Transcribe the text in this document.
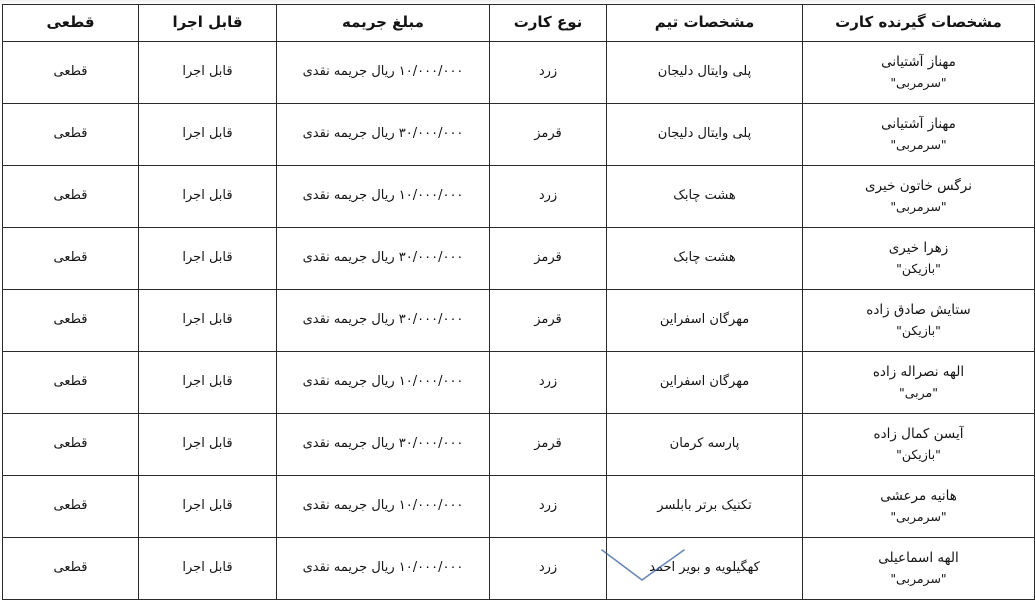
مشخصات گیرنده کارت	مشخصات تیم	نوع کارت	مبلغ جریمه	قابل اجرا	قطعی

مهناز آشتیانی
"سرمربی"	پلی وایتال دلیجان	زرد	۱۰/۰۰۰/۰۰۰ ریال جریمه نقدی	قابل اجرا	قطعی

مهناز آشتیانی
"سرمربی"	پلی وایتال دلیجان	قرمز	۳۰/۰۰۰/۰۰۰ ریال جریمه نقدی	قابل اجرا	قطعی

نرگس خاتون خیری
"سرمربی"	هشت چابک	زرد	۱۰/۰۰۰/۰۰۰ ریال جریمه نقدی	قابل اجرا	قطعی

زهرا خیری
"بازیکن"	هشت چابک	قرمز	۳۰/۰۰۰/۰۰۰ ریال جریمه نقدی	قابل اجرا	قطعی

ستایش صادق زاده
"بازیکن"	مهرگان اسفراین	قرمز	۳۰/۰۰۰/۰۰۰ ریال جریمه نقدی	قابل اجرا	قطعی

الهه نصراله زاده
"مربی"	مهرگان اسفراین	زرد	۱۰/۰۰۰/۰۰۰ ریال جریمه نقدی	قابل اجرا	قطعی

آیسن کمال زاده
"بازیکن"	پارسه کرمان	قرمز	۳۰/۰۰۰/۰۰۰ ریال جریمه نقدی	قابل اجرا	قطعی

هانیه مرعشی
"سرمربی"	تکنیک برتر بابلسر	زرد	۱۰/۰۰۰/۰۰۰ ریال جریمه نقدی	قابل اجرا	قطعی

الهه اسماعیلی
"سرمربی"	کهگیلویه و بویر احمد	زرد	۱۰/۰۰۰/۰۰۰ ریال جریمه نقدی	قابل اجرا	قطعی
